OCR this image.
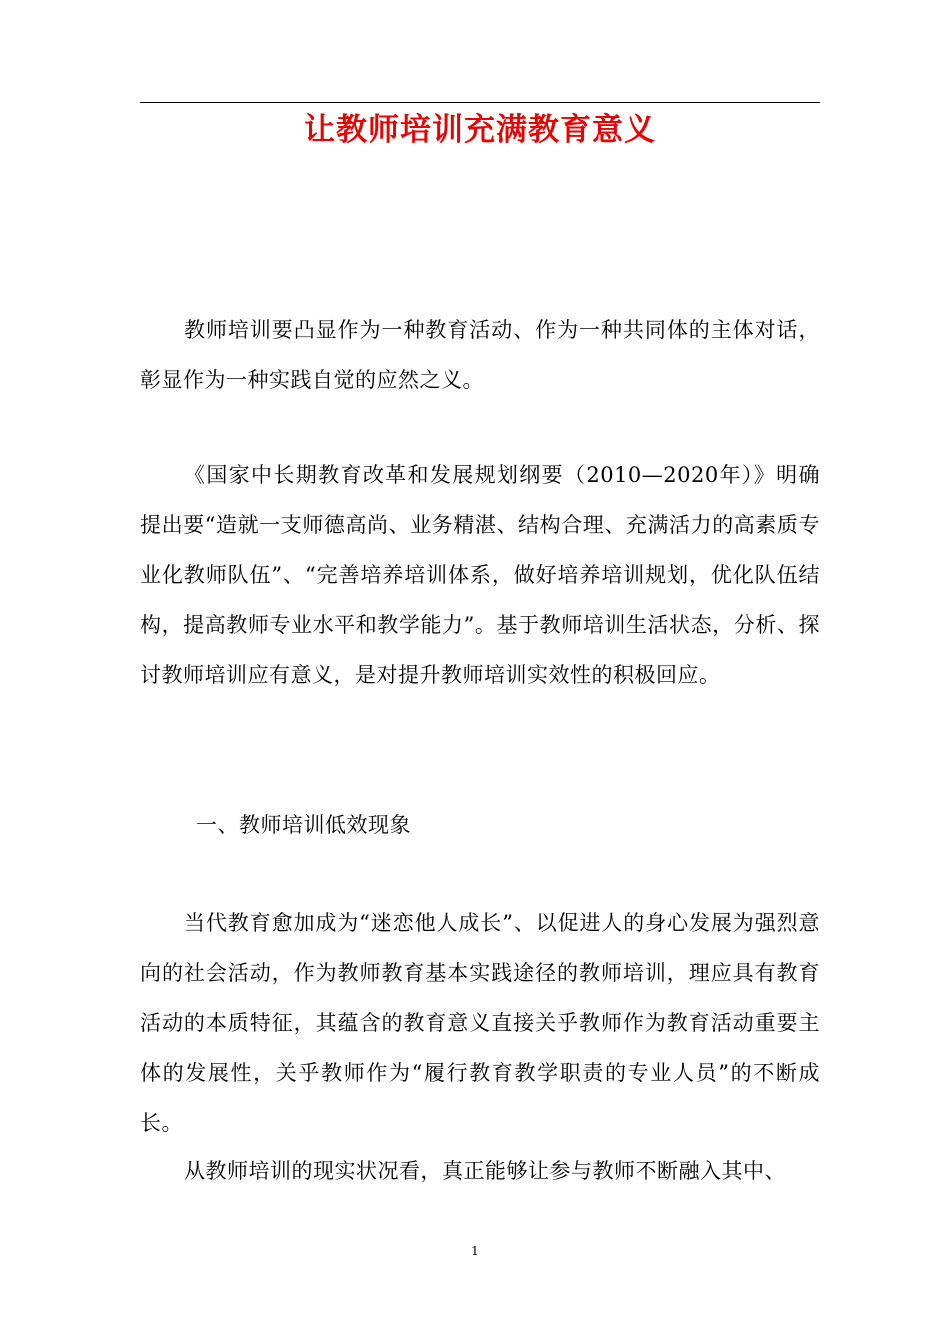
让教师培训充满教育意义

教师培训要凸显作为一种教育活动、作为一种共同体的主体对话，彰显作为一种实践自觉的应然之义。

《国家中长期教育改革和发展规划纲要（2010—2020年）》明确提出要“造就一支师德高尚、业务精湛、结构合理、充满活力的高素质专业化教师队伍”、“完善培养培训体系，做好培养培训规划，优化队伍结构，提高教师专业水平和教学能力”。基于教师培训生活状态，分析、探讨教师培训应有意义，是对提升教师培训实效性的积极回应。

一、教师培训低效现象

当代教育愈加成为“迷恋他人成长”、以促进人的身心发展为强烈意向的社会活动，作为教师教育基本实践途径的教师培训，理应具有教育活动的本质特征，其蕴含的教育意义直接关乎教师作为教育活动重要主体的发展性，关乎教师作为“履行教育教学职责的专业人员”的不断成长。

从教师培训的现实状况看，真正能够让参与教师不断融入其中、

1
